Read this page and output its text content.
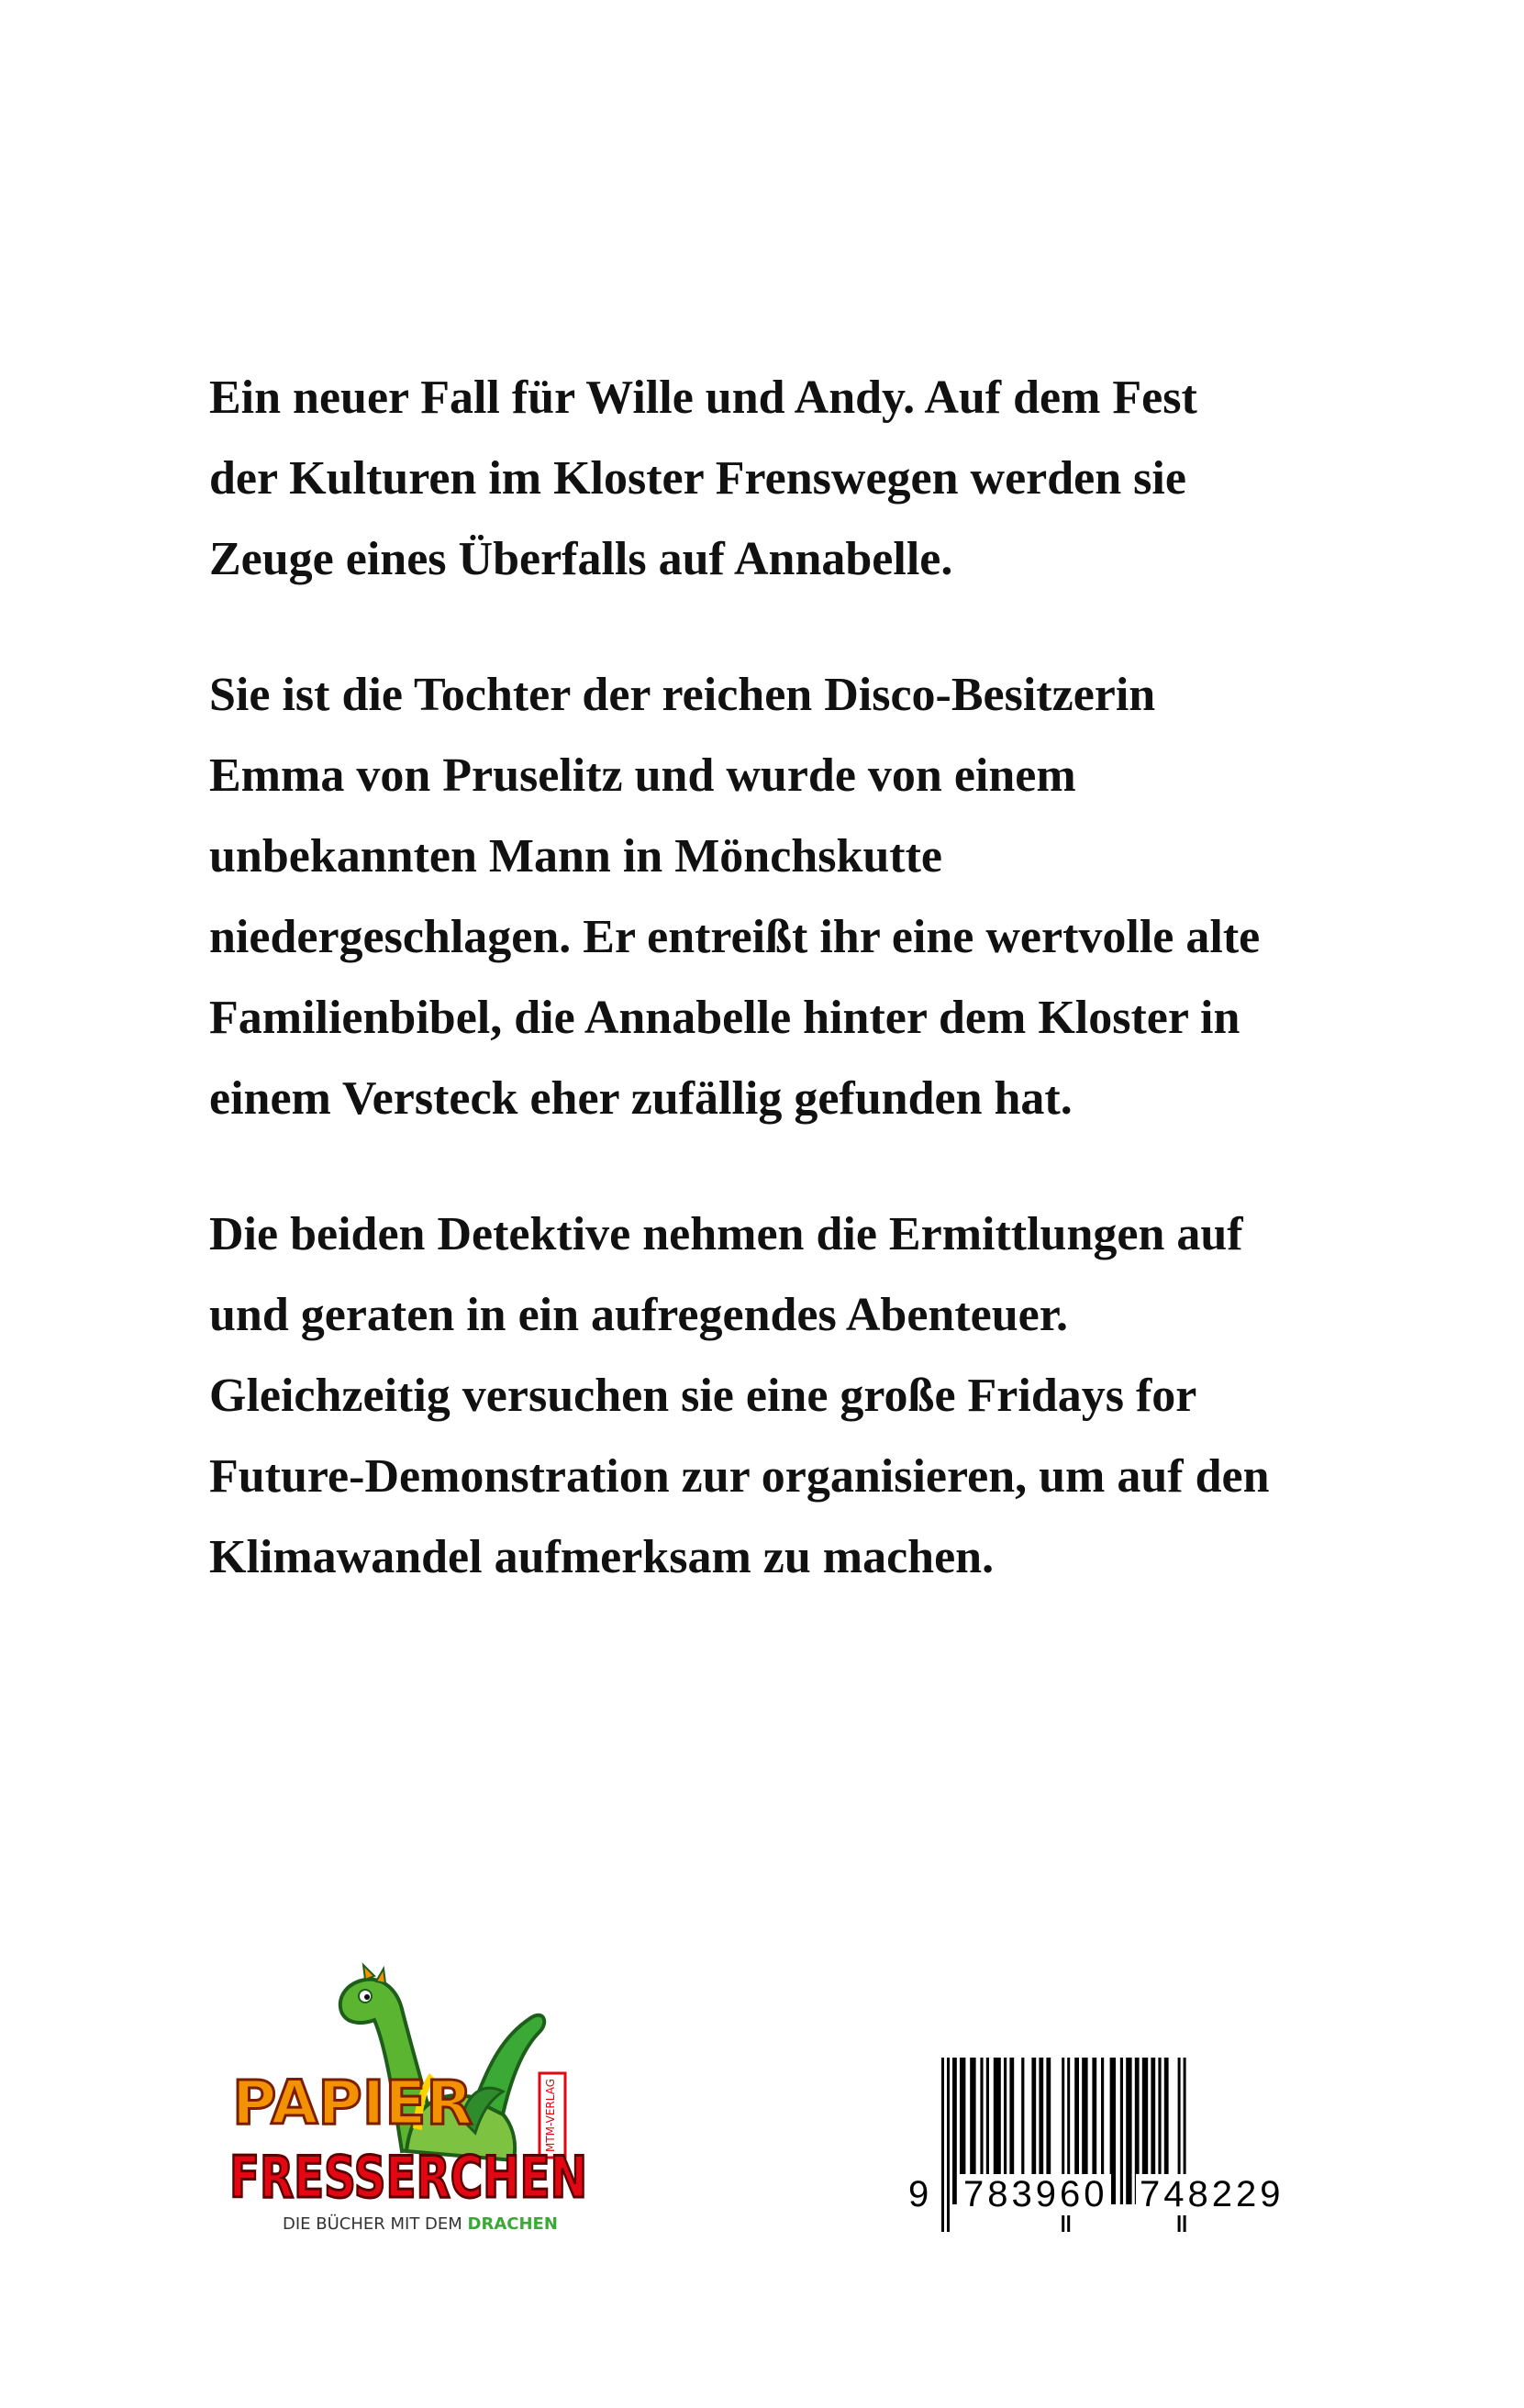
Ein neuer Fall für Wille und Andy. Auf dem Fest der Kulturen im Kloster Frenswegen werden sie Zeuge eines Überfalls auf Annabelle.

Sie ist die Tochter der reichen Disco-Besitzerin Emma von Pruselitz und wurde von einem unbekannten Mann in Mönchskutte niedergeschlagen. Er entreißt ihr eine wertvolle alte Familienbibel, die Annabelle hinter dem Kloster in einem Versteck eher zufällig gefunden hat.

Die beiden Detektive nehmen die Ermittlungen auf und geraten in ein aufregendes Abenteuer. Gleichzeitig versuchen sie eine große Fridays for Future-Demonstration zur organisieren, um auf den Klimawandel aufmerksam zu machen.

MTM-VERLAG
PAPIER
FRESSERCHEN
DIE BÜCHER MIT DEM DRACHEN
9 783960 748229
